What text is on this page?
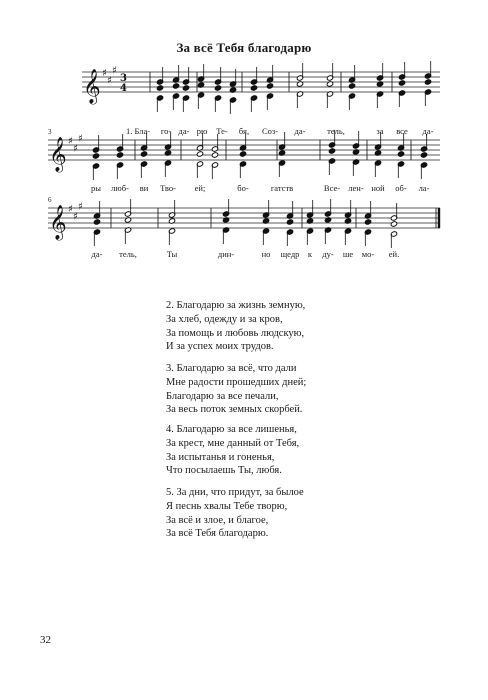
За всё Тебя благодарю
𝄞 ♯
♯
♯
3
4
1. Бла- го- да- рю Те- бя, Соз- да-	тель,	за все да-
𝄞 ♯
♯
♯
3
ры люб- ви Тво- ей;	бо-	гатств	Все- лен- ной об- ла-
𝄞 ♯
♯
♯
6
да- тель,	Ты	дин-	но щедр к ду- ше мо- ей.

2. Благодарю за жизнь земную,

За хлеб, одежду и за кров,

За помощь и любовь людскую,

И за успех моих трудов.

3. Благодарю за всё, что дали

Мне радости прошедших дней;

Благодарю за все печали,

За весь поток земных скорбей.

4. Благодарю за все лишенья,

За крест, мне данный от Тебя,

За испытанья и гоненья,

Что посылаешь Ты, любя.

5. За дни, что придут, за былое

Я песнь хвалы Тебе творю,

За всё и злое, и благое,

За всё Тебя благодарю.

32
